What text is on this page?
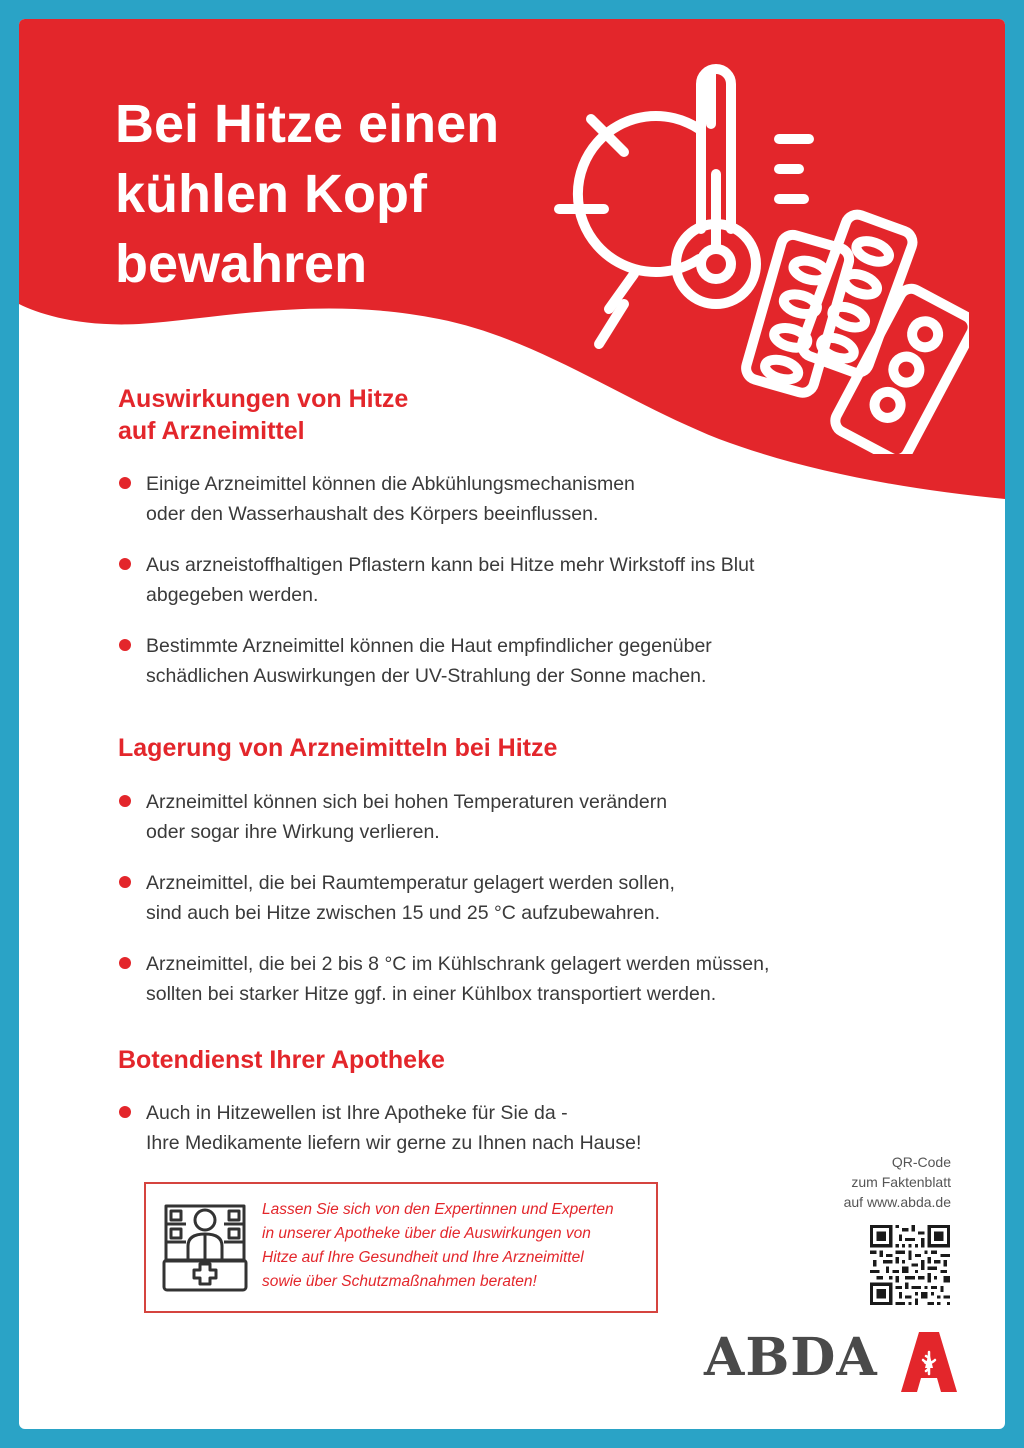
Bei Hitze einen
kühlen Kopf
bewahren
Auswirkungen von Hitze
auf Arzneimittel
Einige Arzneimittel können die Abkühlungsmechanismen
oder den Wasserhaushalt des Körpers beeinflussen.
Aus arzneistoffhaltigen Pflastern kann bei Hitze mehr Wirkstoff ins Blut
abgegeben werden.
Bestimmte Arzneimittel können die Haut empfindlicher gegenüber
schädlichen Auswirkungen der UV-Strahlung der Sonne machen.
Lagerung von Arzneimitteln bei Hitze
Arzneimittel können sich bei hohen Temperaturen verändern
oder sogar ihre Wirkung verlieren.
Arzneimittel, die bei Raumtemperatur gelagert werden sollen,
sind auch bei Hitze zwischen 15 und 25 °C aufzubewahren.
Arzneimittel, die bei 2 bis 8 °C im Kühlschrank gelagert werden müssen,
sollten bei starker Hitze ggf. in einer Kühlbox transportiert werden.
Botendienst Ihrer Apotheke
Auch in Hitzewellen ist Ihre Apotheke für Sie da -
Ihre Medikamente liefern wir gerne zu Ihnen nach Hause!
Lassen Sie sich von den Expertinnen und Experten
in unserer Apotheke über die Auswirkungen von
Hitze auf Ihre Gesundheit und Ihre Arzneimittel
sowie über Schutzmaßnahmen beraten!
QR-Code
zum Faktenblatt
auf www.abda.de
ABDA
